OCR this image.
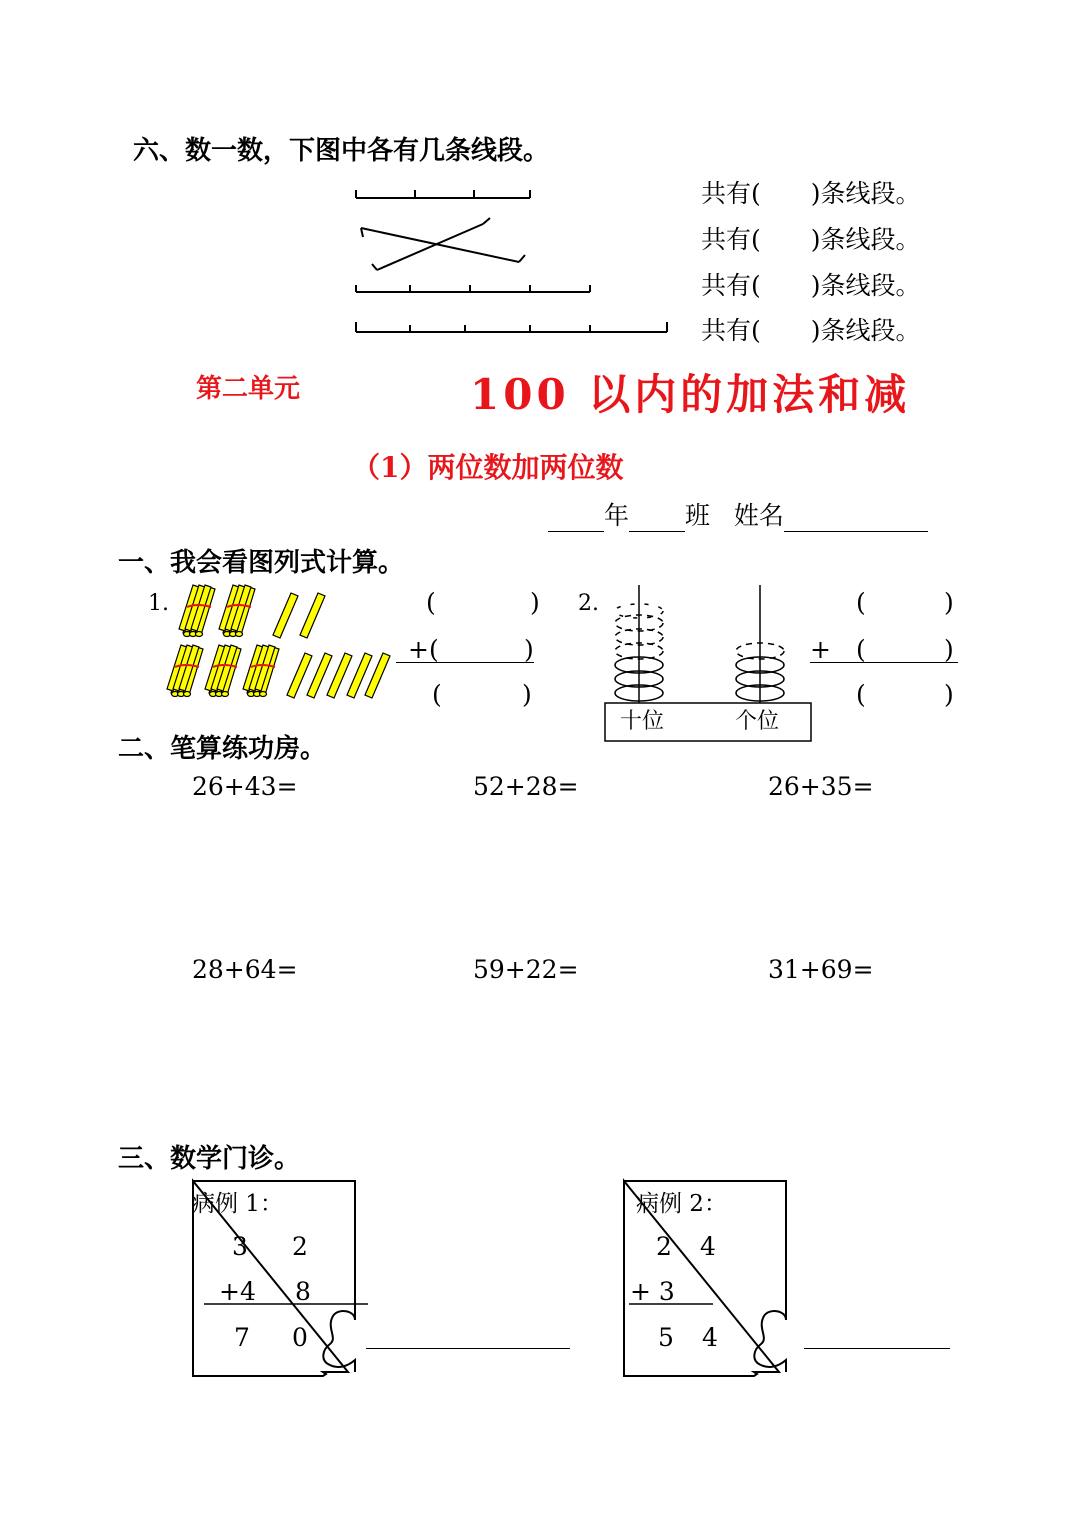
六、数一数，下图中各有几条线段。
共有(　　)条线段。
共有(　　)条线段。
共有(　　)条线段。
共有(　　)条线段。
第二单元	100 以内的加法和减
（1）两位数加两位数
年 班 姓名
一、我会看图列式计算。
1.	(	)
+(	)
(	)
2.
十位	个位
(	)
+ (	)
(	)
二、笔算练功房。
26+43=	52+28=	26+35=
28+64=	59+22=	31+69=
三、数学门诊。
病例 1：
3 2
+4 8
7 0
病例 2：
2 4
+ 3
5 4
